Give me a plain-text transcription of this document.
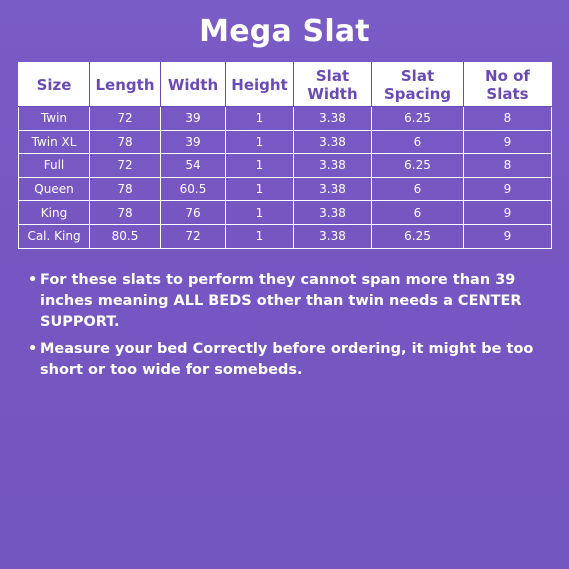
Mega Slat
Size	Length	Width	Height	Slat Width	Slat Spacing	No of Slats
Twin	72	39	1	3.38	6.25	8
Twin XL	78	39	1	3.38	6	9
Full	72	54	1	3.38	6.25	8
Queen	78	60.5	1	3.38	6	9
King	78	76	1	3.38	6	9
Cal. King	80.5	72	1	3.38	6.25	9
• For these slats to perform they cannot span more than 39 inches meaning ALL BEDS other than twin needs a CENTER SUPPORT.
• Measure your bed Correctly before ordering, it might be too short or too wide for somebeds.
